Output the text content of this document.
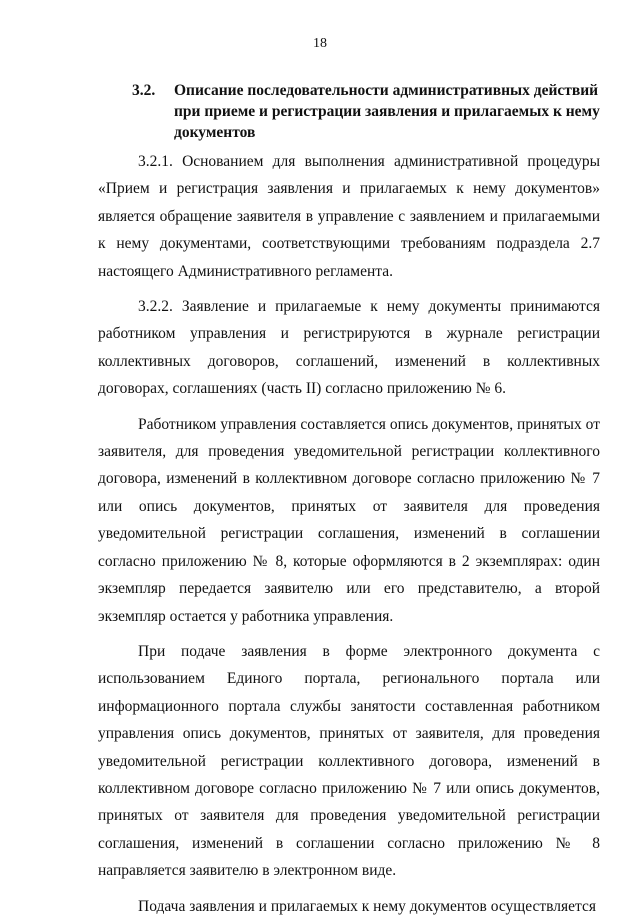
18
3.2.	Описание последовательности административных действий при приеме и регистрации заявления и прилагаемых к нему документов

3.2.1. Основанием для выполнения административной процедуры «Прием и регистрация заявления и прилагаемых к нему документов» является обращение заявителя в управление с заявлением и прилагаемыми к нему документами, соответствующими требованиям подраздела 2.7 настоящего Административного регламента.

3.2.2. Заявление и прилагаемые к нему документы принимаются работником управления и регистрируются в журнале регистрации коллективных договоров, соглашений, изменений в коллективных договорах, соглашениях (часть II) согласно приложению № 6.

Работником управления составляется опись документов, принятых от заявителя, для проведения уведомительной регистрации коллективного договора, изменений в коллективном договоре согласно приложению № 7 или опись документов, принятых от заявителя для проведения уведомительной регистрации соглашения, изменений в соглашении согласно приложению № 8, которые оформляются в 2 экземплярах: один экземпляр передается заявителю или его представителю, а второй экземпляр остается у работника управления.

При подаче заявления в форме электронного документа с использованием Единого портала, регионального портала или информационного портала службы занятости составленная работником управления опись документов, принятых от заявителя, для проведения уведомительной регистрации коллективного договора, изменений в коллективном договоре согласно приложению № 7 или опись документов, принятых от заявителя для проведения уведомительной регистрации соглашения, изменений в соглашении согласно приложению № 8 направляется заявителю в электронном виде.

Подача заявления и прилагаемых к нему документов осуществляется
